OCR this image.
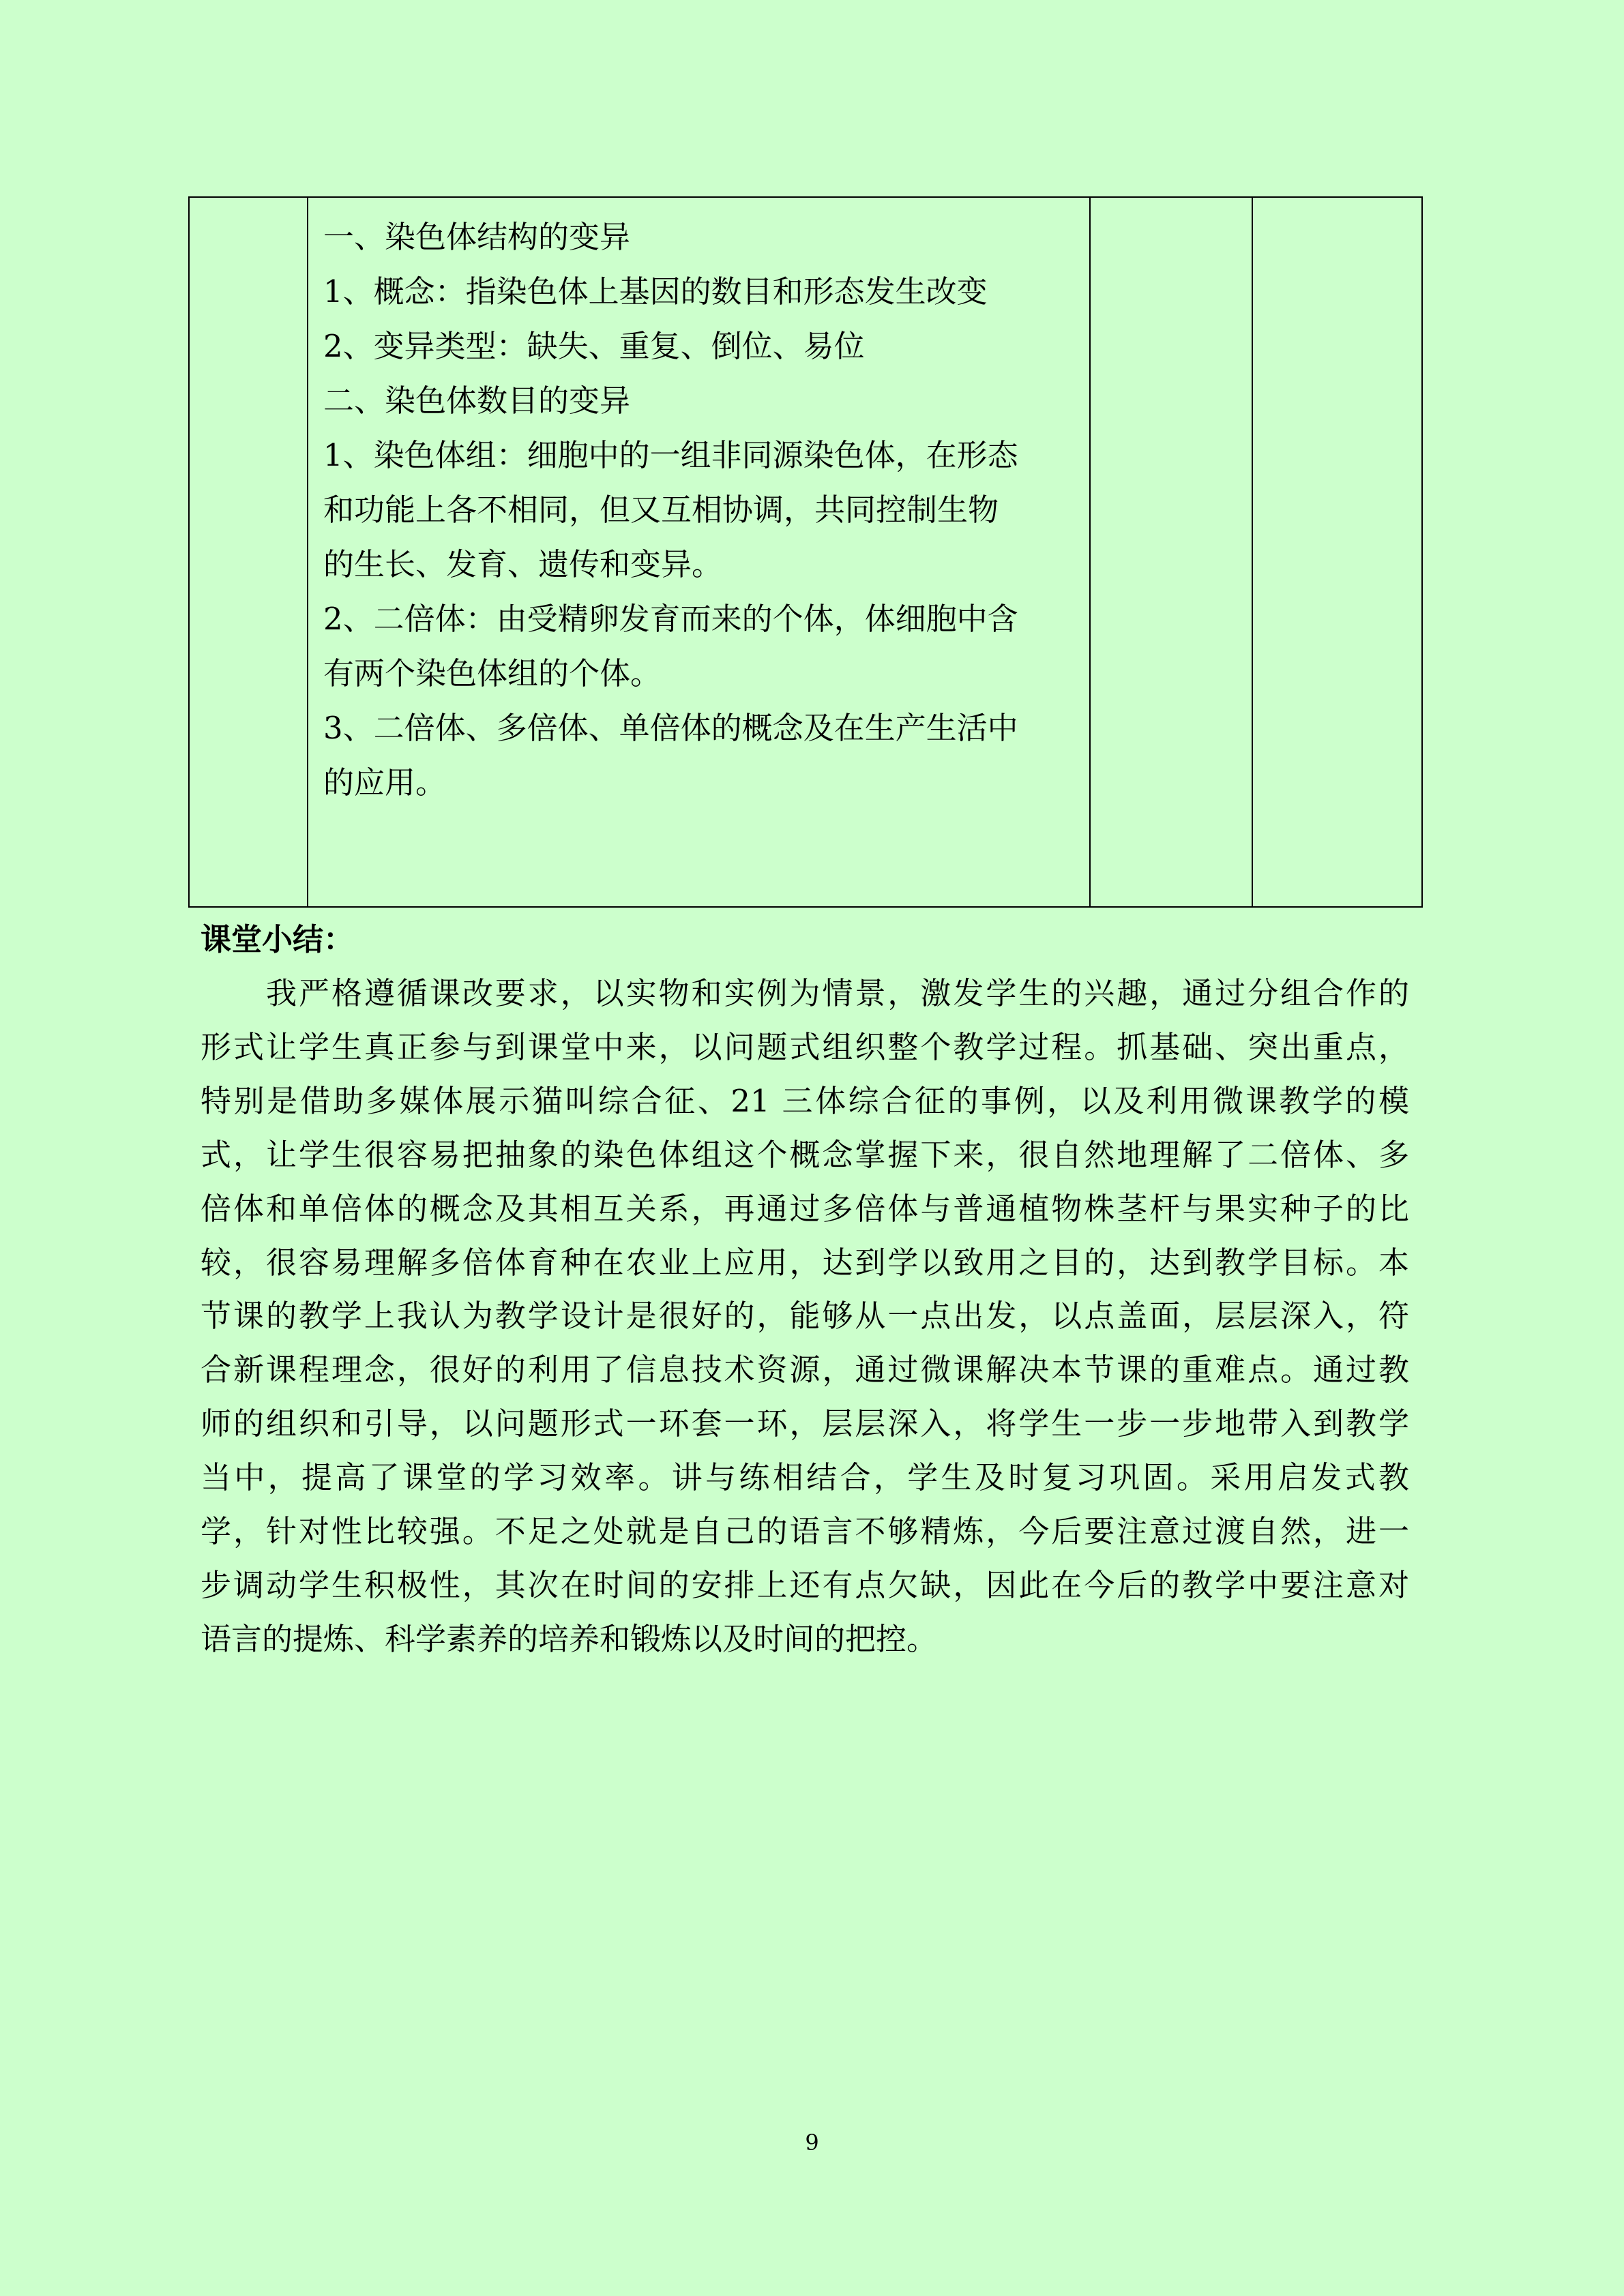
一、染色体结构的变异
1、概念：指染色体上基因的数目和形态发生改变
2、变异类型：缺失、重复、倒位、易位
二、染色体数目的变异
1、染色体组：细胞中的一组非同源染色体，在形态
和功能上各不相同，但又互相协调，共同控制生物
的生长、发育、遗传和变异。
2、二倍体：由受精卵发育而来的个体，体细胞中含
有两个染色体组的个体。
3、二倍体、多倍体、单倍体的概念及在生产生活中
的应用。

课堂小结：
我严格遵循课改要求，以实物和实例为情景，激发学生的兴趣，通过分组合作的
形式让学生真正参与到课堂中来，以问题式组织整个教学过程。抓基础、突出重点，
特别是借助多媒体展示猫叫综合征、21 三体综合征的事例，以及利用微课教学的模
式，让学生很容易把抽象的染色体组这个概念掌握下来，很自然地理解了二倍体、多
倍体和单倍体的概念及其相互关系，再通过多倍体与普通植物株茎杆与果实种子的比
较，很容易理解多倍体育种在农业上应用，达到学以致用之目的，达到教学目标。本
节课的教学上我认为教学设计是很好的，能够从一点出发，以点盖面，层层深入，符
合新课程理念，很好的利用了信息技术资源，通过微课解决本节课的重难点。通过教
师的组织和引导，以问题形式一环套一环，层层深入，将学生一步一步地带入到教学
当中，提高了课堂的学习效率。讲与练相结合，学生及时复习巩固。采用启发式教
学，针对性比较强。不足之处就是自己的语言不够精炼，今后要注意过渡自然，进一
步调动学生积极性，其次在时间的安排上还有点欠缺，因此在今后的教学中要注意对
语言的提炼、科学素养的培养和锻炼以及时间的把控。
9
